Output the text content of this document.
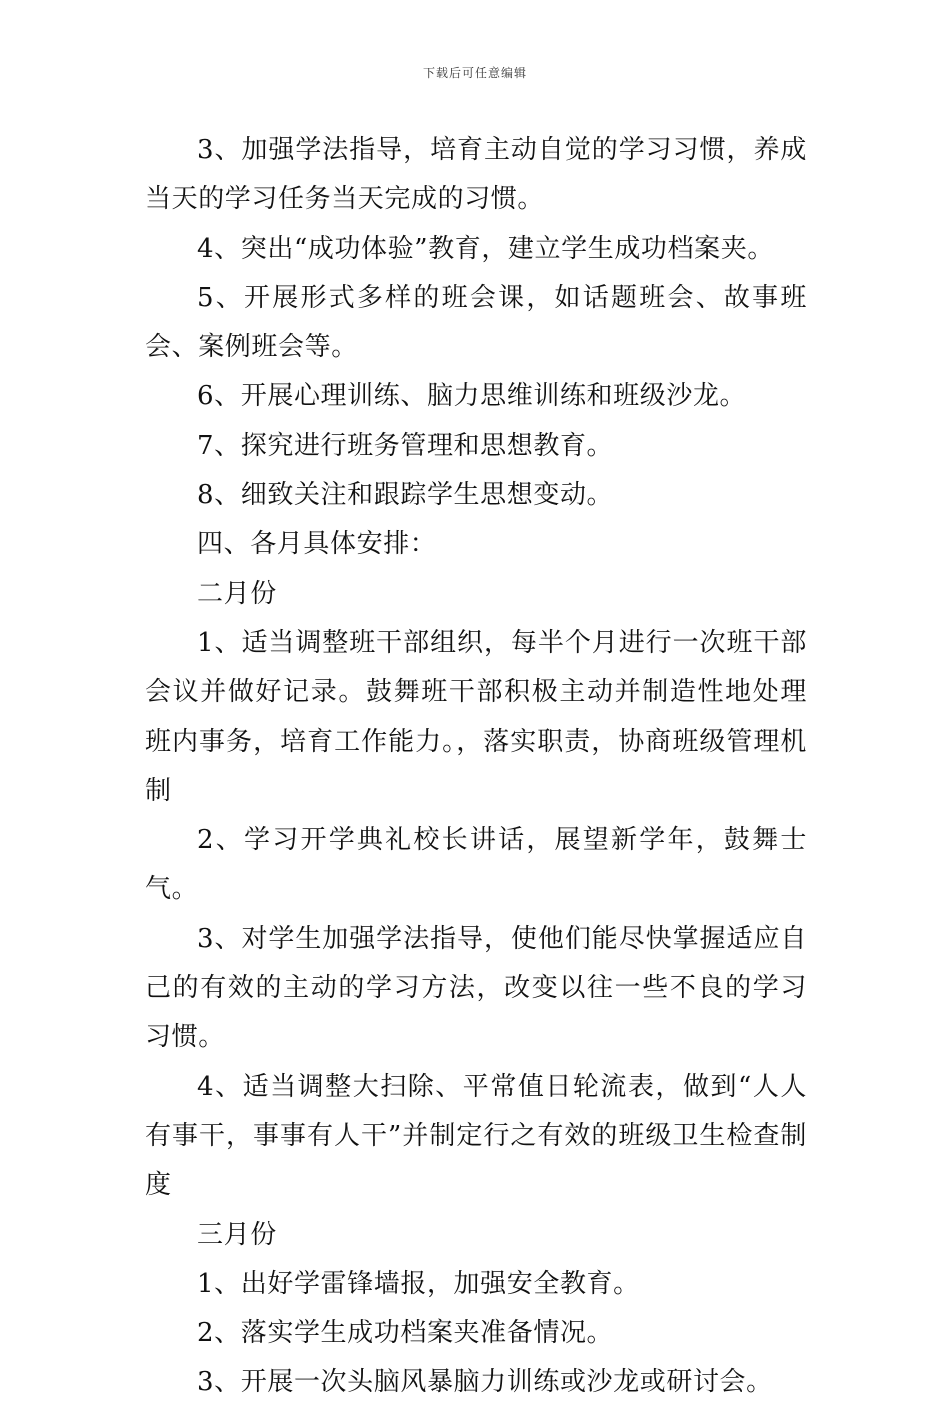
下载后可任意编辑

3、加强学法指导，培育主动自觉的学习习惯，养成当天的学习任务当天完成的习惯。

4、突出“成功体验”教育，建立学生成功档案夹。

5、开展形式多样的班会课，如话题班会、故事班会、案例班会等。

6、开展心理训练、脑力思维训练和班级沙龙。

7、探究进行班务管理和思想教育。

8、细致关注和跟踪学生思想变动。

四、各月具体安排：

二月份

1、适当调整班干部组织，每半个月进行一次班干部会议并做好记录。鼓舞班干部积极主动并制造性地处理班内事务，培育工作能力。，落实职责，协商班级管理机制

2、学习开学典礼校长讲话，展望新学年，鼓舞士气。

3、对学生加强学法指导，使他们能尽快掌握适应自己的有效的主动的学习方法，改变以往一些不良的学习习惯。

4、适当调整大扫除、平常值日轮流表，做到“人人有事干，事事有人干”并制定行之有效的班级卫生检查制度

三月份

1、出好学雷锋墙报，加强安全教育。

2、落实学生成功档案夹准备情况。

3、开展一次头脑风暴脑力训练或沙龙或研讨会。
